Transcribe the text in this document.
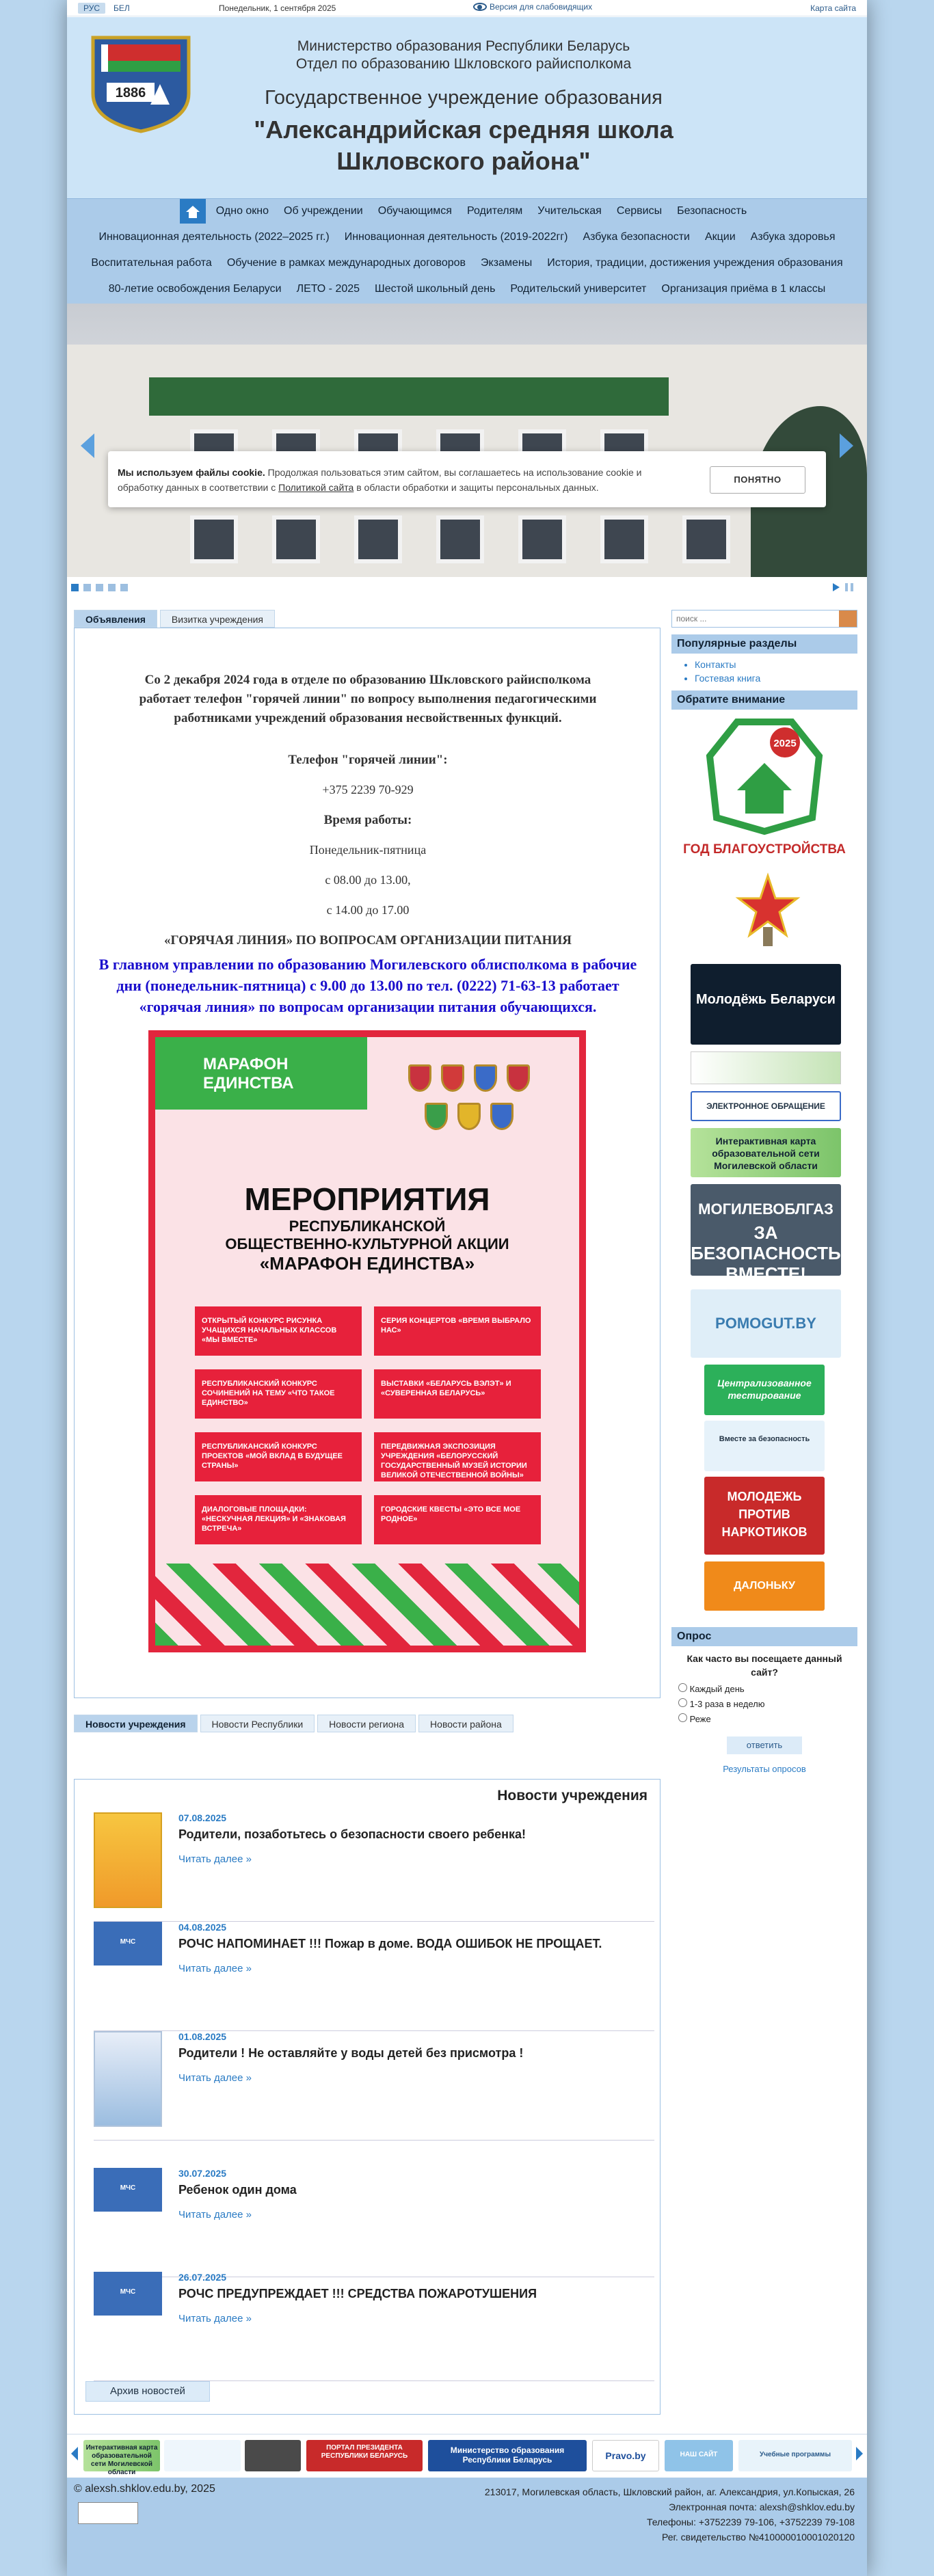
РУС	БЕЛ	Понедельник, 1 сентября 2025	Версия для слабовидящих	Карта сайта
1886
Министерство образования Республики Беларусь
Отдел по образованию Шкловского райисполкома
Государственное учреждение образования
"Александрийская средняя школа
Шкловского района"
Одно окно	Об учреждении	Обучающимся	Родителям	Учительская	Сервисы	Безопасность
Инновационная деятельность (2022–2025 гг.)	Инновационная деятельность (2019-2022гг)	Азбука безопасности	Акции	Азбука здоровья
Воспитательная работа	Обучение в рамках международных договоров	Экзамены	История, традиции, достижения учреждения образования
80-летие освобождения Беларуси	ЛЕТО - 2025	Шестой школьный день	Родительский университет	Организация приёма в 1 классы
Мы используем файлы cookie. Продолжая пользоваться этим сайтом, вы соглашаетесь на использование cookie и обработку данных в соответствии с Политикой сайта в области обработки и защиты персональных данных.
ПОНЯТНО
Объявления	Визитка учреждения
Со 2 декабря 2024 года в отделе по образованию Шкловского райисполкома работает телефон "горячей линии" по вопросу выполнения педагогическими работниками учреждений образования несвойственных функций.
Телефон "горячей линии":
+375 2239 70-929
Время работы:
Понедельник-пятница
с 08.00 до 13.00,
с 14.00 до 17.00
«ГОРЯЧАЯ ЛИНИЯ» ПО ВОПРОСАМ ОРГАНИЗАЦИИ ПИТАНИЯ
В главном управлении по образованию Могилевского облисполкома в рабочие дни (понедельник-пятница) с 9.00 до 13.00 по тел. (0222) 71-63-13 работает «горячая линия» по вопросам организации питания обучающихся.
МАРАФОН ЕДИНСТВА
МЕРОПРИЯТИЯ
РЕСПУБЛИКАНСКОЙ
ОБЩЕСТВЕННО-КУЛЬТУРНОЙ АКЦИИ
«МАРАФОН ЕДИНСТВА»
ОТКРЫТЫЙ КОНКУРС РИСУНКА УЧАЩИХСЯ НАЧАЛЬНЫХ КЛАССОВ «МЫ ВМЕСТЕ»
СЕРИЯ КОНЦЕРТОВ «ВРЕМЯ ВЫБРАЛО НАС»
РЕСПУБЛИКАНСКИЙ КОНКУРС СОЧИНЕНИЙ НА ТЕМУ «ЧТО ТАКОЕ ЕДИНСТВО»
ВЫСТАВКИ «БЕЛАРУСЬ ВЭЛЭТ» И «СУВЕРЕННАЯ БЕЛАРУСЬ»
РЕСПУБЛИКАНСКИЙ КОНКУРС ПРОЕКТОВ «МОЙ ВКЛАД В БУДУЩЕЕ СТРАНЫ»
ПЕРЕДВИЖНАЯ ЭКСПОЗИЦИЯ УЧРЕЖДЕНИЯ «БЕЛОРУССКИЙ ГОСУДАРСТВЕННЫЙ МУЗЕЙ ИСТОРИИ ВЕЛИКОЙ ОТЕЧЕСТВЕННОЙ ВОЙНЫ»
ДИАЛОГОВЫЕ ПЛОЩАДКИ: «НЕСКУЧНАЯ ЛЕКЦИЯ» И «ЗНАКОВАЯ ВСТРЕЧА»
ГОРОДСКИЕ КВЕСТЫ «ЭТО ВСЕ МОЕ РОДНОЕ»
Новости учреждения	Новости Республики	Новости региона	Новости района
Новости учреждения
07.08.2025
Родители, позаботьтесь о безопасности своего ребенка!
Читать далее »
МЧС
04.08.2025
РОЧС НАПОМИНАЕТ !!! Пожар в доме. ВОДА ОШИБОК НЕ ПРОЩАЕТ.
Читать далее »
01.08.2025
Родители ! Не оставляйте у воды детей без присмотра !
Читать далее »
МЧС
30.07.2025
Ребенок один дома
Читать далее »
МЧС
26.07.2025
РОЧС ПРЕДУПРЕЖДАЕТ !!! СРЕДСТВА ПОЖАРОТУШЕНИЯ
Читать далее »
Архив новостей
поиск ...
Популярные разделы
• Контакты
• Гостевая книга
Обратите внимание
2025
ГОД БЛАГОУСТРОЙСТВА
Молодёжь Беларуси
ЭЛЕКТРОННОЕ ОБРАЩЕНИЕ
Интерактивная карта образовательной сети Могилевской области
МОГИЛЕВОБЛГАЗ
ЗА БЕЗОПАСНОСТЬ ВМЕСТЕ!
POMOGUT.BY
Централизованное тестирование
Вместе за безопасность
МОЛОДЕЖЬ ПРОТИВ НАРКОТИКОВ
ДАЛОНЬКУ
Опрос
Как часто вы посещаете данный сайт?
Каждый день
1-3 раза в неделю
Реже
ответить
Результаты опросов
Интерактивная карта образовательной сети Могилевской области
ПОРТАЛ ПРЕЗИДЕНТА РЕСПУБЛИКИ БЕЛАРУСЬ
Министерство образования Республики Беларусь	Pravo.by	НАШ САЙТ	Учебные программы
© alexsh.shklov.edu.by, 2025	213017, Могилевская область, Шкловский район, аг. Александрия, ул.Копыская, 26
Электронная почта: alexsh@shklov.edu.by
Телефоны: +3752239 79-106, +3752239 79-108
Рег. свидетельство №410000010001020120
